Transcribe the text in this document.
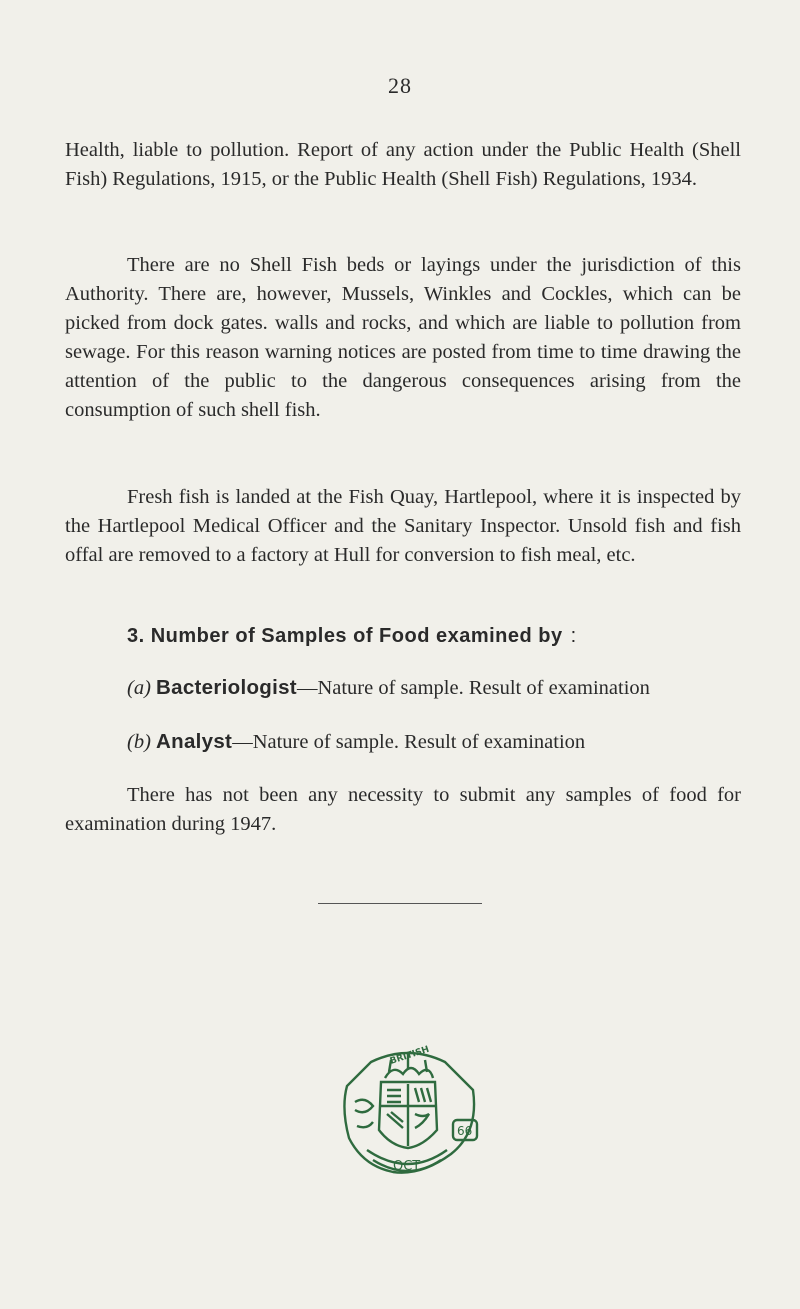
28

Health, liable to pollution. Report of any action under the Public Health (Shell Fish) Regulations, 1915, or the Public Health (Shell Fish) Regulations, 1934.

There are no Shell Fish beds or layings under the jurisdiction of this Authority. There are, however, Mussels, Winkles and Cockles, which can be picked from dock gates. walls and rocks, and which are liable to pollution from sewage. For this reason warning notices are posted from time to time drawing the attention of the public to the dangerous consequences arising from the consumption of such shell fish.

Fresh fish is landed at the Fish Quay, Hartlepool, where it is inspected by the Hartlepool Medical Officer and the Sanitary Inspector. Unsold fish and fish offal are removed to a factory at Hull for conversion to fish meal, etc.

3. Number of Samples of Food examined by :

(a) Bacteriologist—Nature of sample. Result of examination

(b) Analyst—Nature of sample. Result of examination

There has not been any necessity to submit any samples of food for examination during 1947.

BRITISH
66
OCT
